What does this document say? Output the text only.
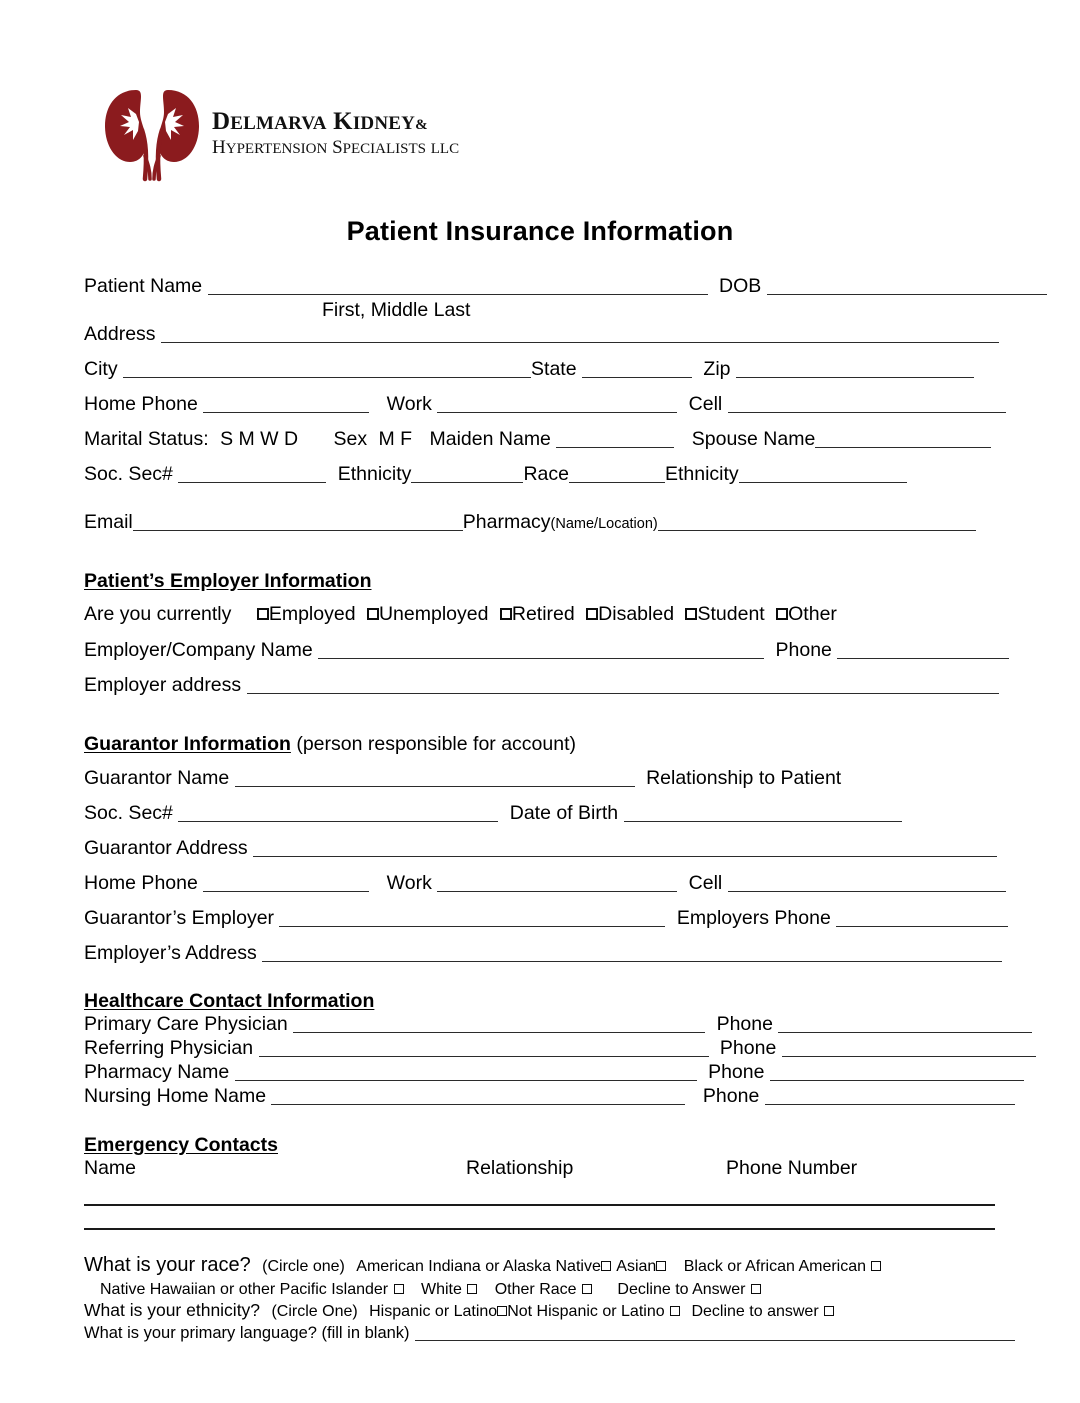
DELMARVA KIDNEY&
HYPERTENSION SPECIALISTS LLC
Patient Insurance Information
Patient Name	DOB
First, Middle Last
Address
City	State	Zip
Home Phone	Work	Cell
Marital Status: S M W D Sex M F Maiden Name	Spouse Name
Soc. Sec#	Ethnicity	Race	Ethnicity
Email	Pharmacy(Name/Location)
Patient’s Employer Information
Are you currently Employed Unemployed Retired Disabled Student Other
Employer/Company Name	Phone
Employer address
Guarantor Information (person responsible for account)
Guarantor Name	Relationship to Patient
Soc. Sec#	Date of Birth
Guarantor Address
Home Phone	Work	Cell
Guarantor’s Employer	Employers Phone
Employer’s Address
Healthcare Contact Information
Primary Care Physician	Phone
Referring Physician	Phone
Pharmacy Name	Phone
Nursing Home Name	Phone
Emergency Contacts
Name	Relationship	Phone Number
What is your race? (Circle one) American Indiana or Alaska Native Asian Black or African American
Native Hawaiian or other Pacific Islander White Other Race	Decline to Answer
What is your ethnicity? (Circle One) Hispanic or Latino Not Hispanic or Latino Decline to answer
What is your primary language? (fill in blank)
